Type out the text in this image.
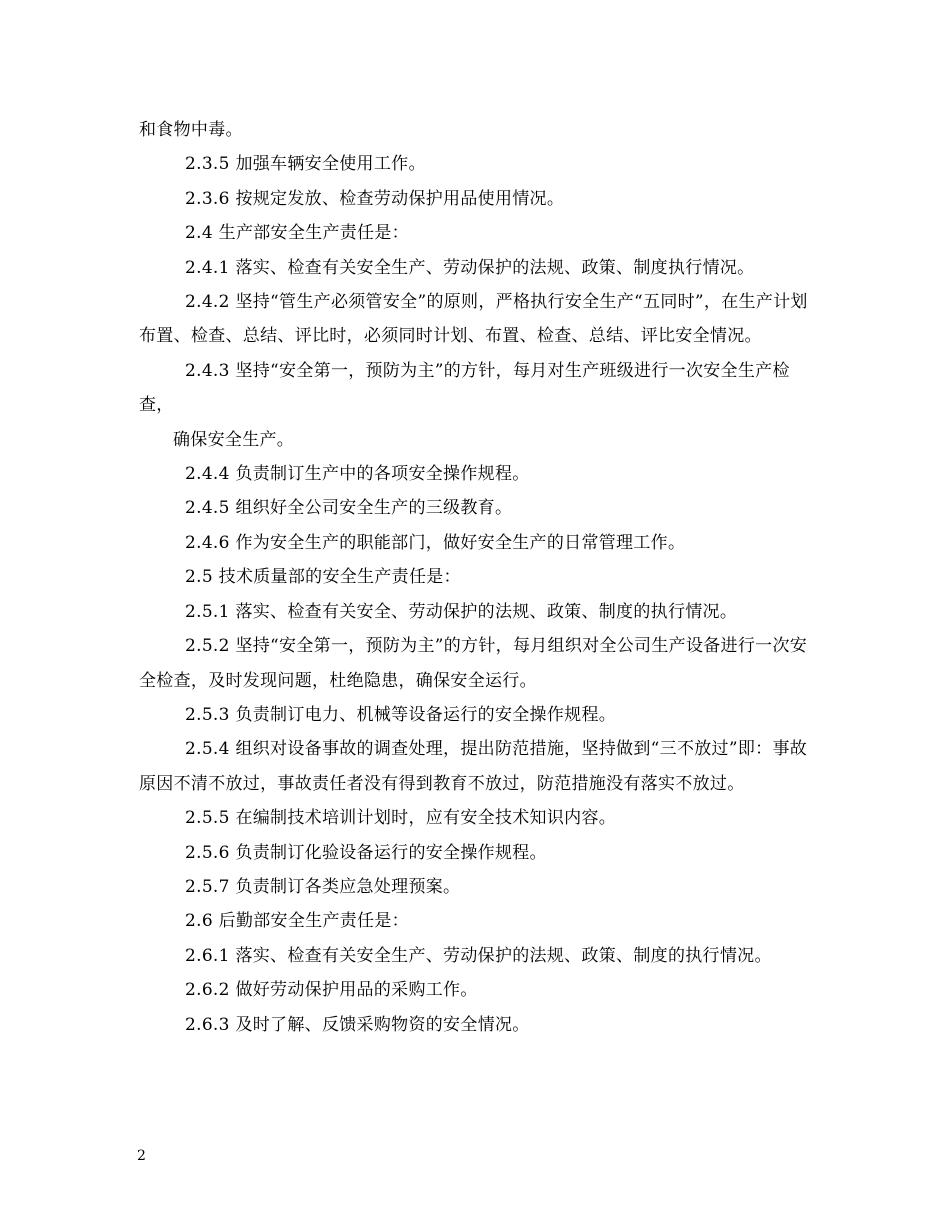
和食物中毒。

2.3.5 加强车辆安全使用工作。

2.3.6 按规定发放、检查劳动保护用品使用情况。

2.4 生产部安全生产责任是：

2.4.1 落实、检查有关安全生产、劳动保护的法规、政策、制度执行情况。

2.4.2 坚持“管生产必须管安全”的原则，严格执行安全生产“五同时”，在生产计划布置、检查、总结、评比时，必须同时计划、布置、检查、总结、评比安全情况。

2.4.3 坚持“安全第一，预防为主”的方针，每月对生产班级进行一次安全生产检查，

确保安全生产。

2.4.4 负责制订生产中的各项安全操作规程。

2.4.5 组织好全公司安全生产的三级教育。

2.4.6 作为安全生产的职能部门，做好安全生产的日常管理工作。

2.5 技术质量部的安全生产责任是：

2.5.1 落实、检查有关安全、劳动保护的法规、政策、制度的执行情况。

2.5.2 坚持“安全第一，预防为主”的方针，每月组织对全公司生产设备进行一次安全检查，及时发现问题，杜绝隐患，确保安全运行。

2.5.3 负责制订电力、机械等设备运行的安全操作规程。

2.5.4 组织对设备事故的调查处理，提出防范措施，坚持做到“三不放过”即：事故原因不清不放过，事故责任者没有得到教育不放过，防范措施没有落实不放过。

2.5.5 在编制技术培训计划时，应有安全技术知识内容。

2.5.6 负责制订化验设备运行的安全操作规程。

2.5.7 负责制订各类应急处理预案。

2.6 后勤部安全生产责任是：

2.6.1 落实、检查有关安全生产、劳动保护的法规、政策、制度的执行情况。

2.6.2 做好劳动保护用品的采购工作。

2.6.3 及时了解、反馈采购物资的安全情况。

2
